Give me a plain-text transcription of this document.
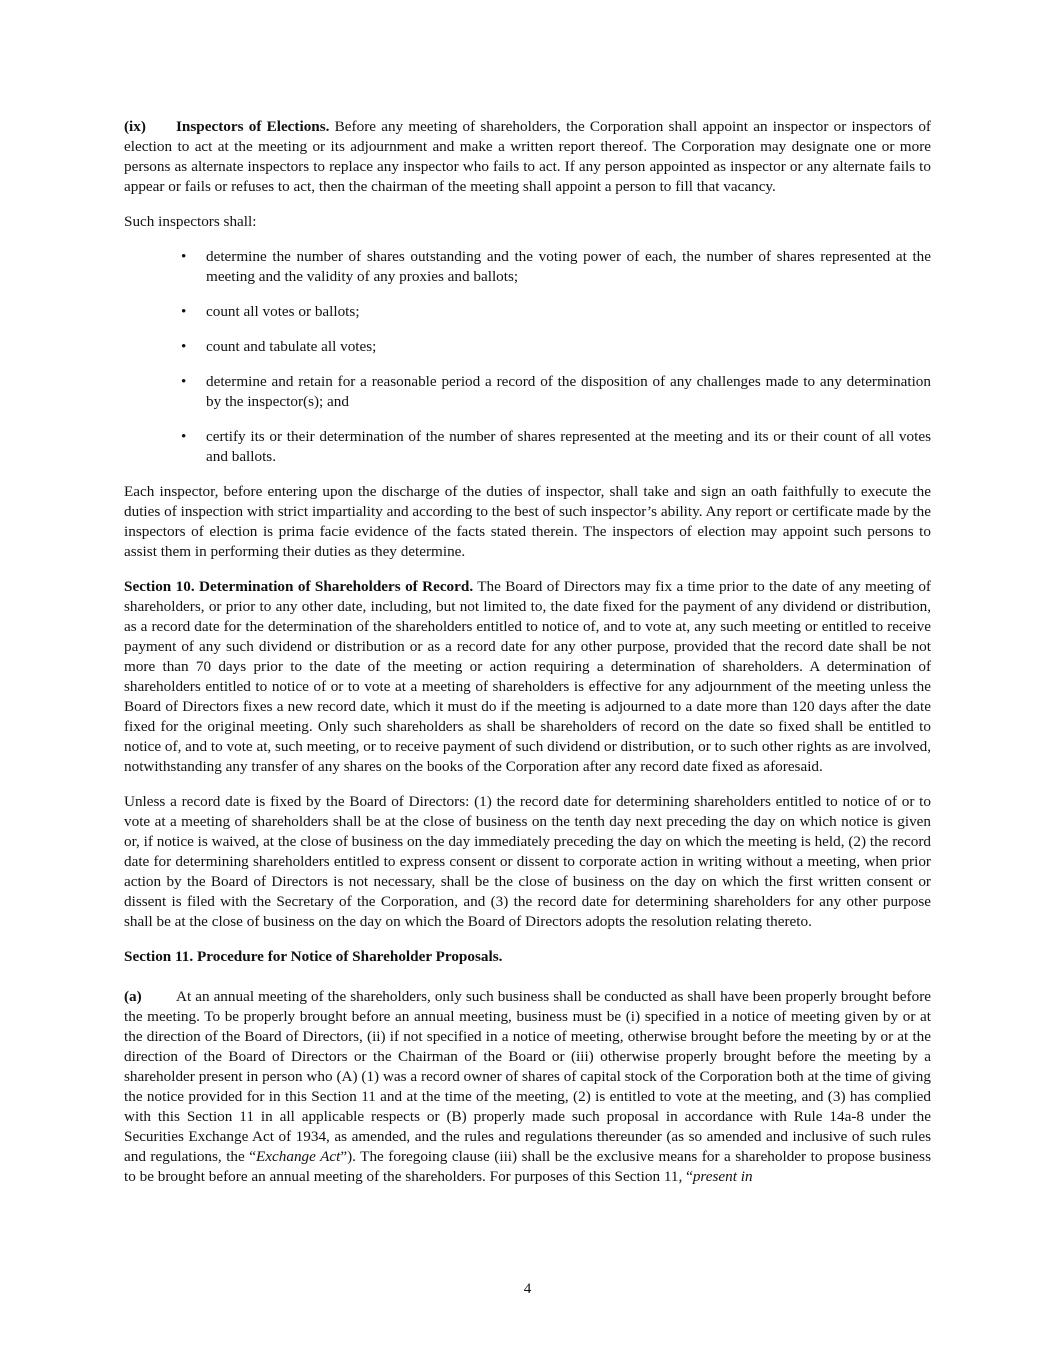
(ix) Inspectors of Elections. Before any meeting of shareholders, the Corporation shall appoint an inspector or inspectors of election to act at the meeting or its adjournment and make a written report thereof. The Corporation may designate one or more persons as alternate inspectors to replace any inspector who fails to act. If any person appointed as inspector or any alternate fails to appear or fails or refuses to act, then the chairman of the meeting shall appoint a person to fill that vacancy.

Such inspectors shall:

• determine the number of shares outstanding and the voting power of each, the number of shares represented at the meeting and the validity of any proxies and ballots;
• count all votes or ballots;
• count and tabulate all votes;
• determine and retain for a reasonable period a record of the disposition of any challenges made to any determination by the inspector(s); and
• certify its or their determination of the number of shares represented at the meeting and its or their count of all votes and ballots.

Each inspector, before entering upon the discharge of the duties of inspector, shall take and sign an oath faithfully to execute the duties of inspection with strict impartiality and according to the best of such inspector’s ability. Any report or certificate made by the inspectors of election is prima facie evidence of the facts stated therein. The inspectors of election may appoint such persons to assist them in performing their duties as they determine.

Section 10. Determination of Shareholders of Record. The Board of Directors may fix a time prior to the date of any meeting of shareholders, or prior to any other date, including, but not limited to, the date fixed for the payment of any dividend or distribution, as a record date for the determination of the shareholders entitled to notice of, and to vote at, any such meeting or entitled to receive payment of any such dividend or distribution or as a record date for any other purpose, provided that the record date shall be not more than 70 days prior to the date of the meeting or action requiring a determination of shareholders. A determination of shareholders entitled to notice of or to vote at a meeting of shareholders is effective for any adjournment of the meeting unless the Board of Directors fixes a new record date, which it must do if the meeting is adjourned to a date more than 120 days after the date fixed for the original meeting. Only such shareholders as shall be shareholders of record on the date so fixed shall be entitled to notice of, and to vote at, such meeting, or to receive payment of such dividend or distribution, or to such other rights as are involved, notwithstanding any transfer of any shares on the books of the Corporation after any record date fixed as aforesaid.

Unless a record date is fixed by the Board of Directors: (1) the record date for determining shareholders entitled to notice of or to vote at a meeting of shareholders shall be at the close of business on the tenth day next preceding the day on which notice is given or, if notice is waived, at the close of business on the day immediately preceding the day on which the meeting is held, (2) the record date for determining shareholders entitled to express consent or dissent to corporate action in writing without a meeting, when prior action by the Board of Directors is not necessary, shall be the close of business on the day on which the first written consent or dissent is filed with the Secretary of the Corporation, and (3) the record date for determining shareholders for any other purpose shall be at the close of business on the day on which the Board of Directors adopts the resolution relating thereto.

Section 11. Procedure for Notice of Shareholder Proposals.

(a) At an annual meeting of the shareholders, only such business shall be conducted as shall have been properly brought before the meeting. To be properly brought before an annual meeting, business must be (i) specified in a notice of meeting given by or at the direction of the Board of Directors, (ii) if not specified in a notice of meeting, otherwise brought before the meeting by or at the direction of the Board of Directors or the Chairman of the Board or (iii) otherwise properly brought before the meeting by a shareholder present in person who (A) (1) was a record owner of shares of capital stock of the Corporation both at the time of giving the notice provided for in this Section 11 and at the time of the meeting, (2) is entitled to vote at the meeting, and (3) has complied with this Section 11 in all applicable respects or (B) properly made such proposal in accordance with Rule 14a-8 under the Securities Exchange Act of 1934, as amended, and the rules and regulations thereunder (as so amended and inclusive of such rules and regulations, the “Exchange Act”). The foregoing clause (iii) shall be the exclusive means for a shareholder to propose business to be brought before an annual meeting of the shareholders. For purposes of this Section 11, “present in

4
